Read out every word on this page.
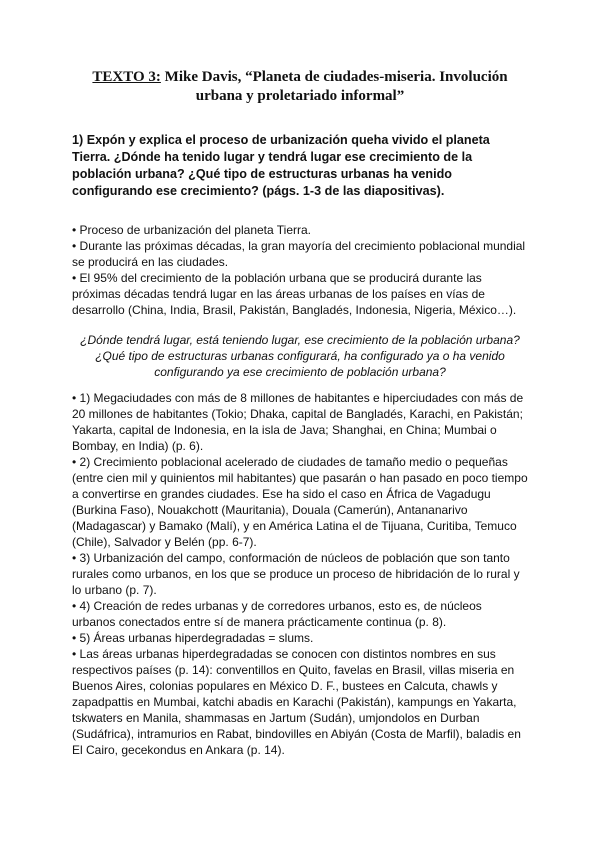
TEXTO 3: Mike Davis, “Planeta de ciudades-miseria. Involución urbana y proletariado informal”

1) Expón y explica el proceso de urbanización queha vivido el planeta Tierra. ¿Dónde ha tenido lugar y tendrá lugar ese crecimiento de la población urbana? ¿Qué tipo de estructuras urbanas ha venido configurando ese crecimiento? (págs. 1-3 de las diapositivas).

• Proceso de urbanización del planeta Tierra.

• Durante las próximas décadas, la gran mayoría del crecimiento poblacional mundial se producirá en las ciudades.

• El 95% del crecimiento de la población urbana que se producirá durante las próximas décadas tendrá lugar en las áreas urbanas de los países en vías de desarrollo (China, India, Brasil, Pakistán, Bangladés, Indonesia, Nigeria, México…).

¿Dónde tendrá lugar, está teniendo lugar, ese crecimiento de la población urbana? ¿Qué tipo de estructuras urbanas configurará, ha configurado ya o ha venido configurando ya ese crecimiento de población urbana?

• 1) Megaciudades con más de 8 millones de habitantes e hiperciudades con más de 20 millones de habitantes (Tokio; Dhaka, capital de Bangladés, Karachi, en Pakistán; Yakarta, capital de Indonesia, en la isla de Java; Shanghai, en China; Mumbai o Bombay, en India) (p. 6).

• 2) Crecimiento poblacional acelerado de ciudades de tamaño medio o pequeñas (entre cien mil y quinientos mil habitantes) que pasarán o han pasado en poco tiempo a convertirse en grandes ciudades. Ese ha sido el caso en África de Vagadugu (Burkina Faso), Nouakchott (Mauritania), Douala (Camerún), Antananarivo (Madagascar) y Bamako (Malí), y en América Latina el de Tijuana, Curitiba, Temuco (Chile), Salvador y Belén (pp. 6-7).

• 3) Urbanización del campo, conformación de núcleos de población que son tanto rurales como urbanos, en los que se produce un proceso de hibridación de lo rural y lo urbano (p. 7).

• 4) Creación de redes urbanas y de corredores urbanos, esto es, de núcleos urbanos conectados entre sí de manera prácticamente continua (p. 8).

• 5) Áreas urbanas hiperdegradadas = slums.

• Las áreas urbanas hiperdegradadas se conocen con distintos nombres en sus respectivos países (p. 14): conventillos en Quito, favelas en Brasil, villas miseria en Buenos Aires, colonias populares en México D. F., bustees en Calcuta, chawls y zapadpattis en Mumbai, katchi abadis en Karachi (Pakistán), kampungs en Yakarta, tskwaters en Manila, shammasas en Jartum (Sudán), umjondolos en Durban (Sudáfrica), intramurios en Rabat, bindovilles en Abiyán (Costa de Marfil), baladis en El Cairo, gecekondus en Ankara (p. 14).
